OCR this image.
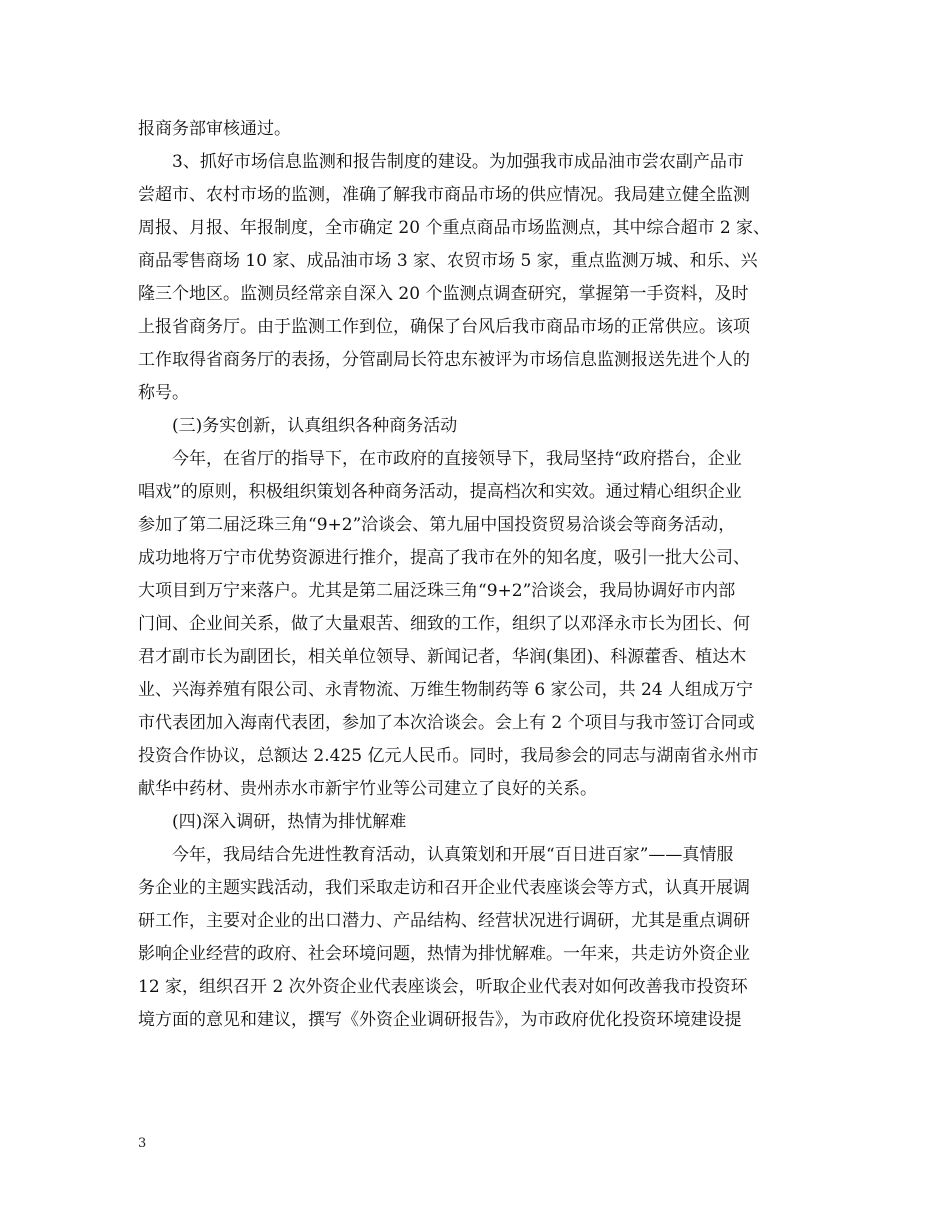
报商务部审核通过。
3、抓好市场信息监测和报告制度的建设。为加强我市成品油市尝农副产品市
尝超市、农村市场的监测，准确了解我市商品市场的供应情况。我局建立健全监测
周报、月报、年报制度，全市确定 20 个重点商品市场监测点，其中综合超市 2 家、
商品零售商场 10 家、成品油市场 3 家、农贸市场 5 家，重点监测万城、和乐、兴
隆三个地区。监测员经常亲自深入 20 个监测点调查研究，掌握第一手资料，及时
上报省商务厅。由于监测工作到位，确保了台风后我市商品市场的正常供应。该项
工作取得省商务厅的表扬，分管副局长符忠东被评为市场信息监测报送先进个人的
称号。
(三)务实创新，认真组织各种商务活动
今年，在省厅的指导下，在市政府的直接领导下，我局坚持“政府搭台，企业
唱戏”的原则，积极组织策划各种商务活动，提高档次和实效。通过精心组织企业
参加了第二届泛珠三角“9+2”洽谈会、第九届中国投资贸易洽谈会等商务活动，
成功地将万宁市优势资源进行推介，提高了我市在外的知名度，吸引一批大公司、
大项目到万宁来落户。尤其是第二届泛珠三角“9+2”洽谈会，我局协调好市内部
门间、企业间关系，做了大量艰苦、细致的工作，组织了以邓泽永市长为团长、何
君才副市长为副团长，相关单位领导、新闻记者，华润(集团)、科源藿香、植达木
业、兴海养殖有限公司、永青物流、万维生物制药等 6 家公司，共 24 人组成万宁
市代表团加入海南代表团，参加了本次洽谈会。会上有 2 个项目与我市签订合同或
投资合作协议，总额达 2.425 亿元人民币。同时，我局参会的同志与湖南省永州市
献华中药材、贵州赤水市新宇竹业等公司建立了良好的关系。
(四)深入调研，热情为排忧解难
今年，我局结合先进性教育活动，认真策划和开展“百日进百家”——真情服
务企业的主题实践活动，我们采取走访和召开企业代表座谈会等方式，认真开展调
研工作，主要对企业的出口潜力、产品结构、经营状况进行调研，尤其是重点调研
影响企业经营的政府、社会环境问题，热情为排忧解难。一年来，共走访外资企业
12 家，组织召开 2 次外资企业代表座谈会，听取企业代表对如何改善我市投资环
境方面的意见和建议，撰写《外资企业调研报告》，为市政府优化投资环境建设提
3
